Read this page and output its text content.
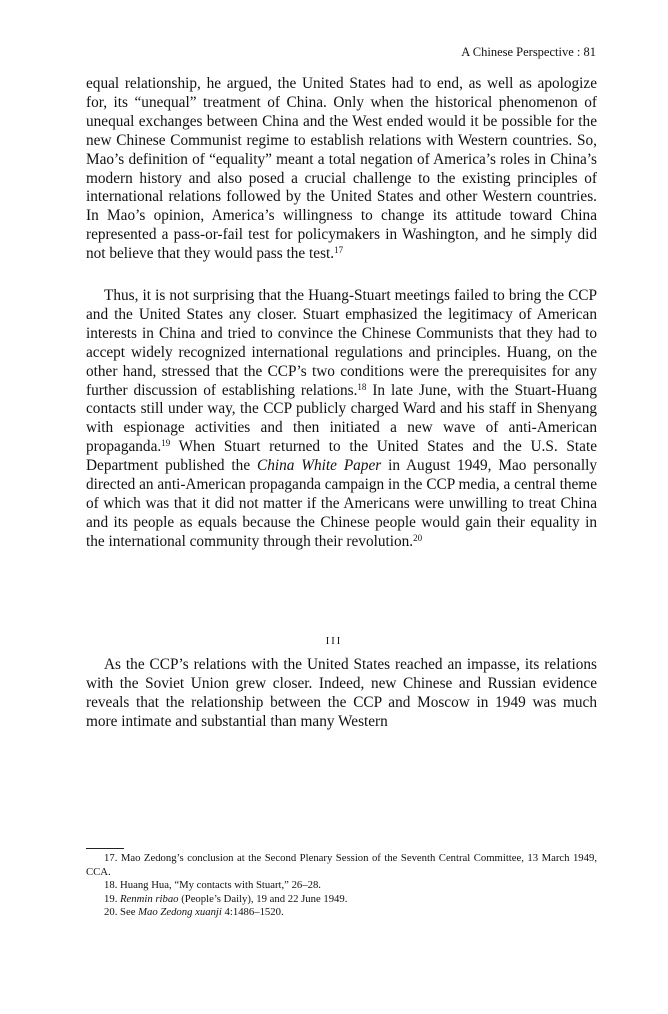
A Chinese Perspective : 81

equal relationship, he argued, the United States had to end, as well as apologize for, its “unequal” treatment of China. Only when the historical phenomenon of unequal exchanges between China and the West ended would it be possible for the new Chinese Communist regime to establish relations with Western countries. So, Mao’s definition of “equality” meant a total negation of America’s roles in China’s modern history and also posed a crucial challenge to the existing principles of international relations followed by the United States and other Western countries. In Mao’s opinion, America’s willingness to change its attitude toward China represented a pass-or-fail test for policymakers in Washington, and he simply did not believe that they would pass the test.$^{17}$

Thus, it is not surprising that the Huang-Stuart meetings failed to bring the CCP and the United States any closer. Stuart emphasized the legitimacy of American interests in China and tried to convince the Chinese Communists that they had to accept widely recognized international regulations and principles. Huang, on the other hand, stressed that the CCP’s two conditions were the prerequisites for any further discussion of establishing relations.$^{18}$ In late June, with the Stuart-Huang contacts still under way, the CCP publicly charged Ward and his staff in Shenyang with espionage activities and then initiated a new wave of anti-American propaganda.$^{19}$ When Stuart returned to the United States and the U.S. State Department published the China White Paper in August 1949, Mao personally directed an anti-American propaganda campaign in the CCP media, a central theme of which was that it did not matter if the Americans were unwilling to treat China and its people as equals because the Chinese people would gain their equality in the international community through their revolution.$^{20}$

III

As the CCP’s relations with the United States reached an impasse, its relations with the Soviet Union grew closer. Indeed, new Chinese and Russian evidence reveals that the relationship between the CCP and Moscow in 1949 was much more intimate and substantial than many Western

17. Mao Zedong’s conclusion at the Second Plenary Session of the Seventh Central Committee, 13 March 1949, CCA.

18. Huang Hua, “My contacts with Stuart,” 26–28.

19. Renmin ribao (People’s Daily), 19 and 22 June 1949.

20. See Mao Zedong xuanji 4:1486–1520.
